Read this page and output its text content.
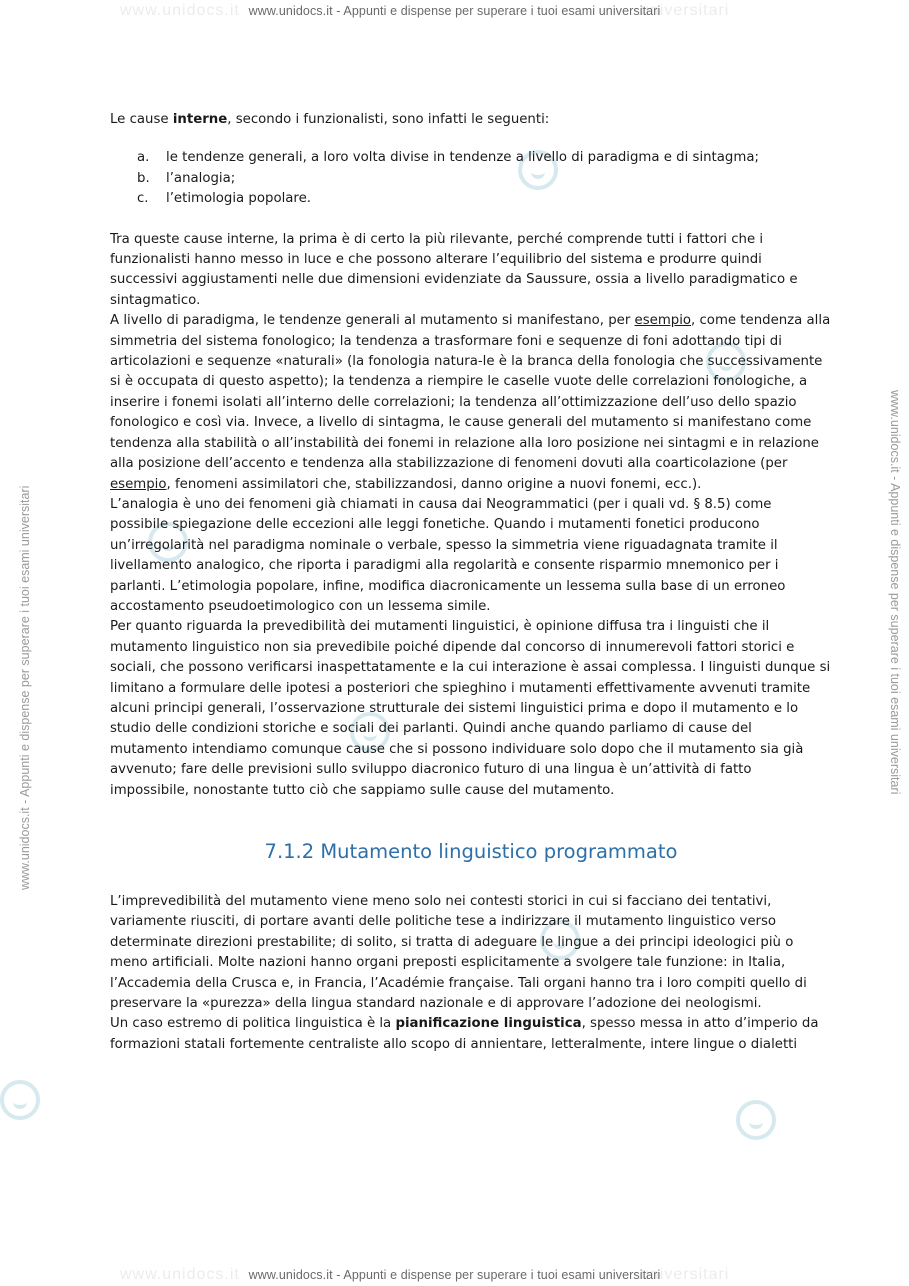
www.unidocs.it	universitari
www.unidocs.it - Appunti e dispense per superare i tuoi esami universitari
www.unidocs.it	universitari
www.unidocs.it - Appunti e dispense per superare i tuoi esami universitari
www.unidocs.it - Appunti e dispense per superare i tuoi esami universitari	www.unidocs.it - Appunti e dispense per superare i tuoi esami universitari

Le cause interne, secondo i funzionalisti, sono infatti le seguenti:

a.	le tendenze generali, a loro volta divise in tendenze a livello di paradigma e di sintagma;
b.	l’analogia;
c.	l’etimologia popolare.

Tra queste cause interne, la prima è di certo la più rilevante, perché comprende tutti i fattori che i funzionalisti hanno messo in luce e che possono alterare l’equilibrio del sistema e produrre quindi successivi aggiustamenti nelle due dimensioni evidenziate da Saussure, ossia a livello paradigmatico e sintagmatico.

A livello di paradigma, le tendenze generali al mutamento si manifestano, per esempio, come tendenza alla simmetria del sistema fonologico; la tendenza a trasformare foni e sequenze di foni adottando tipi di articolazioni e sequenze «naturali» (la fonologia natura-le è la branca della fonologia che successivamente si è occupata di questo aspetto); la tendenza a riempire le caselle vuote delle correlazioni fonologiche, a inserire i fonemi isolati all’interno delle correlazioni; la tendenza all’ottimizzazione dell’uso dello spazio fonologico e così via. Invece, a livello di sintagma, le cause generali del mutamento si manifestano come tendenza alla stabilità o all’instabilità dei fonemi in relazione alla loro posizione nei sintagmi e in relazione alla posizione dell’accento e tendenza alla stabilizzazione di fenomeni dovuti alla coarticolazione (per esempio, fenomeni assimilatori che, stabilizzandosi, danno origine a nuovi fonemi, ecc.).

L’analogia è uno dei fenomeni già chiamati in causa dai Neogrammatici (per i quali vd. § 8.5) come possibile spiegazione delle eccezioni alle leggi fonetiche. Quando i mutamenti fonetici producono un’irregolarità nel paradigma nominale o verbale, spesso la simmetria viene riguadagnata tramite il livellamento analogico, che riporta i paradigmi alla regolarità e consente risparmio mnemonico per i parlanti. L’etimologia popolare, infine, modifica diacronicamente un lessema sulla base di un erroneo accostamento pseudoetimologico con un lessema simile.

Per quanto riguarda la prevedibilità dei mutamenti linguistici, è opinione diffusa tra i linguisti che il mutamento linguistico non sia prevedibile poiché dipende dal concorso di innumerevoli fattori storici e sociali, che possono verificarsi inaspettatamente e la cui interazione è assai complessa. I linguisti dunque si limitano a formulare delle ipotesi a posteriori che spieghino i mutamenti effettivamente avvenuti tramite alcuni principi generali, l’osservazione strutturale dei sistemi linguistici prima e dopo il mutamento e lo studio delle condizioni storiche e sociali dei parlanti. Quindi anche quando parliamo di cause del mutamento intendiamo comunque cause che si possono individuare solo dopo che il mutamento sia già avvenuto; fare delle previsioni sullo sviluppo diacronico futuro di una lingua è un’attività di fatto impossibile, nonostante tutto ciò che sappiamo sulle cause del mutamento.

7.1.2 Mutamento linguistico programmato

L’imprevedibilità del mutamento viene meno solo nei contesti storici in cui si facciano dei tentativi, variamente riusciti, di portare avanti delle politiche tese a indirizzare il mutamento linguistico verso determinate direzioni prestabilite; di solito, si tratta di adeguare le lingue a dei principi ideologici più o meno artificiali. Molte nazioni hanno organi preposti esplicitamente a svolgere tale funzione: in Italia, l’Accademia della Crusca e, in Francia, l’Académie française. Tali organi hanno tra i loro compiti quello di preservare la «purezza» della lingua standard nazionale e di approvare l’adozione dei neologismi.

Un caso estremo di politica linguistica è la pianificazione linguistica, spesso messa in atto d’imperio da formazioni statali fortemente centraliste allo scopo di annientare, letteralmente, intere lingue o dialetti
